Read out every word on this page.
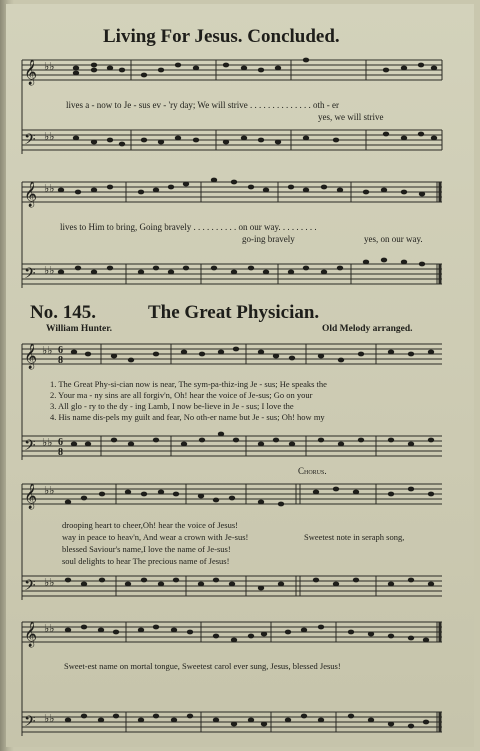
Living For Jesus. Concluded.
𝄞 ♭♭
𝄢 ♭♭
lives a - now to Je - sus ev - 'ry day; We will strive . . . . . . . . . . . . . . oth - er
yes, we will strive
𝄞 ♭♭
𝄢 ♭♭
lives to Him to bring, Going bravely . . . . . . . . . . on our way. . . . . . . . .
go-ing bravely	yes, on our way.
No. 145.	The Great Physician.
William Hunter.	Old Melody arranged.
𝄞 ♭♭ 6
8
𝄢 ♭♭ 6
8
1. The Great Phy-si-cian now is near, The sym-pa-thiz-ing Je - sus; He speaks the
2. Your ma - ny sins are all forgiv'n, Oh! hear the voice of Je-sus; Go on your
3. All glo - ry to the dy - ing Lamb, I now be-lieve in Je - sus; I love the
4. His name dis-pels my guilt and fear, No oth-er name but Je - sus; Oh! how my
Chorus.
𝄞 ♭♭
𝄢 ♭♭
drooping heart to cheer,Oh! hear the voice of Jesus!
way in peace to heav'n, And wear a crown with Je-sus!
blessed Saviour's name,I love the name of Je-sus!
soul delights to hear The precious name of Jesus!
Sweetest note in seraph song,
𝄞 ♭♭
𝄢 ♭♭
Sweet-est name on mortal tongue, Sweetest carol ever sung, Jesus, blessed Jesus!
